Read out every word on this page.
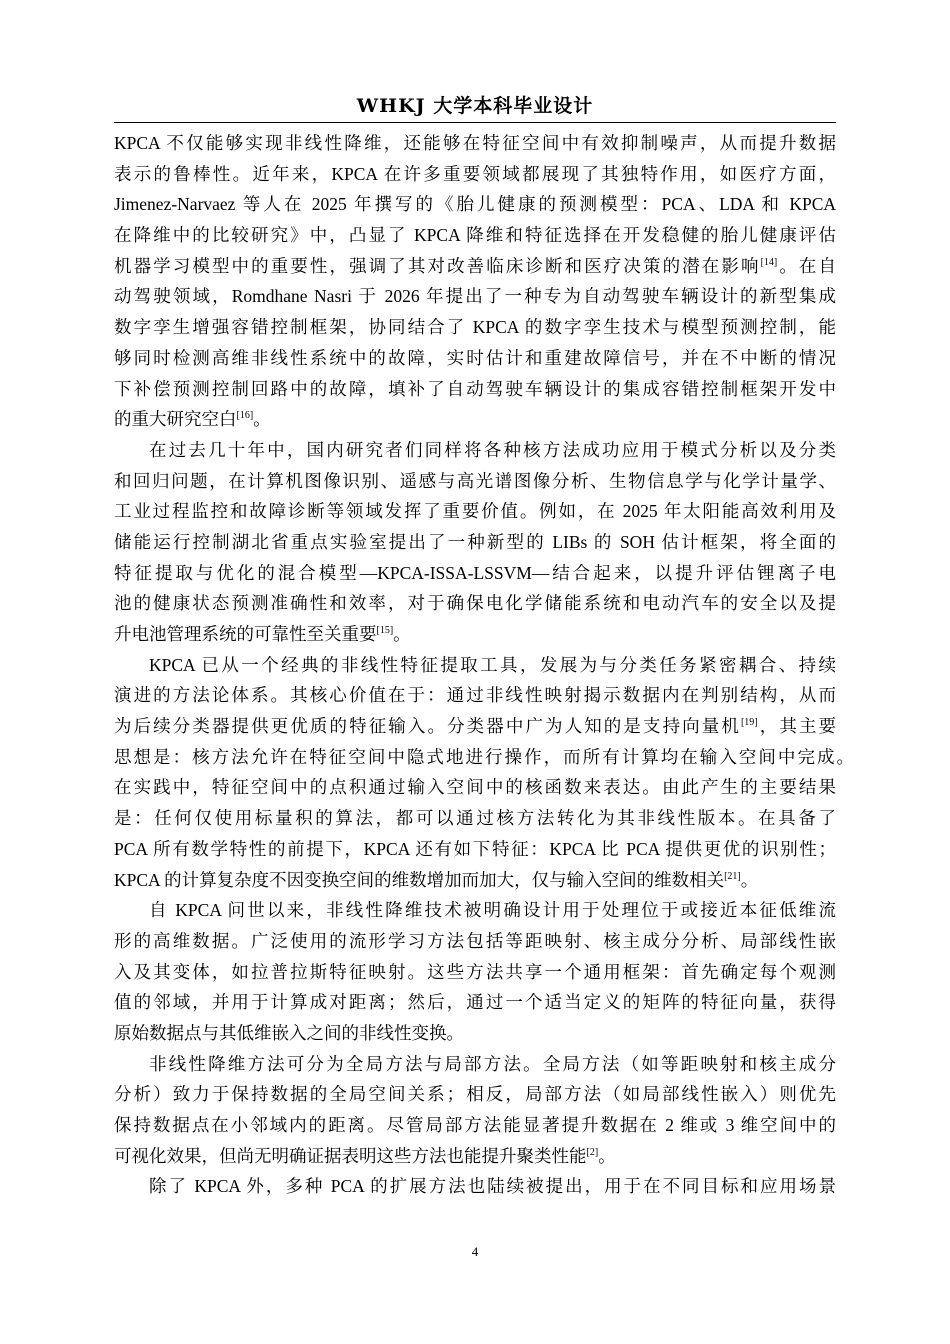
WHKJ 大学本科毕业设计
KPCA 不仅能够实现非线性降维，还能够在特征空间中有效抑制噪声，从而提升数据
表示的鲁棒性。近年来，KPCA 在许多重要领域都展现了其独特作用，如医疗方面，
Jimenez-Narvaez 等人在 2025 年撰写的《胎儿健康的预测模型：PCA、LDA 和 KPCA
在降维中的比较研究》中，凸显了 KPCA 降维和特征选择在开发稳健的胎儿健康评估
机器学习模型中的重要性，强调了其对改善临床诊断和医疗决策的潜在影响[14]。在自
动驾驶领域，Romdhane Nasri 于 2026 年提出了一种专为自动驾驶车辆设计的新型集成
数字孪生增强容错控制框架，协同结合了 KPCA 的数字孪生技术与模型预测控制，能
够同时检测高维非线性系统中的故障，实时估计和重建故障信号，并在不中断的情况
下补偿预测控制回路中的故障，填补了自动驾驶车辆设计的集成容错控制框架开发中
的重大研究空白[16]。
在过去几十年中，国内研究者们同样将各种核方法成功应用于模式分析以及分类
和回归问题，在计算机图像识别、遥感与高光谱图像分析、生物信息学与化学计量学、
工业过程监控和故障诊断等领域发挥了重要价值。例如，在 2025 年太阳能高效利用及
储能运行控制湖北省重点实验室提出了一种新型的 LIBs 的 SOH 估计框架，将全面的
特征提取与优化的混合模型—KPCA-ISSA-LSSVM—结合起来，以提升评估锂离子电
池的健康状态预测准确性和效率，对于确保电化学储能系统和电动汽车的安全以及提
升电池管理系统的可靠性至关重要[15]。
KPCA 已从一个经典的非线性特征提取工具，发展为与分类任务紧密耦合、持续
演进的方法论体系。其核心价值在于：通过非线性映射揭示数据内在判别结构，从而
为后续分类器提供更优质的特征输入。分类器中广为人知的是支持向量机[19]，其主要
思想是：核方法允许在特征空间中隐式地进行操作，而所有计算均在输入空间中完成。
在实践中，特征空间中的点积通过输入空间中的核函数来表达。由此产生的主要结果
是：任何仅使用标量积的算法，都可以通过核方法转化为其非线性版本。在具备了
PCA 所有数学特性的前提下，KPCA 还有如下特征：KPCA 比 PCA 提供更优的识别性；
KPCA 的计算复杂度不因变换空间的维数增加而加大，仅与输入空间的维数相关[21]。
自 KPCA 问世以来，非线性降维技术被明确设计用于处理位于或接近本征低维流
形的高维数据。广泛使用的流形学习方法包括等距映射、核主成分分析、局部线性嵌
入及其变体，如拉普拉斯特征映射。这些方法共享一个通用框架：首先确定每个观测
值的邻域，并用于计算成对距离；然后，通过一个适当定义的矩阵的特征向量，获得
原始数据点与其低维嵌入之间的非线性变换。
非线性降维方法可分为全局方法与局部方法。全局方法（如等距映射和核主成分
分析）致力于保持数据的全局空间关系；相反，局部方法（如局部线性嵌入）则优先
保持数据点在小邻域内的距离。尽管局部方法能显著提升数据在 2 维或 3 维空间中的
可视化效果，但尚无明确证据表明这些方法也能提升聚类性能[2]。
除了 KPCA 外，多种 PCA 的扩展方法也陆续被提出，用于在不同目标和应用场景
4
